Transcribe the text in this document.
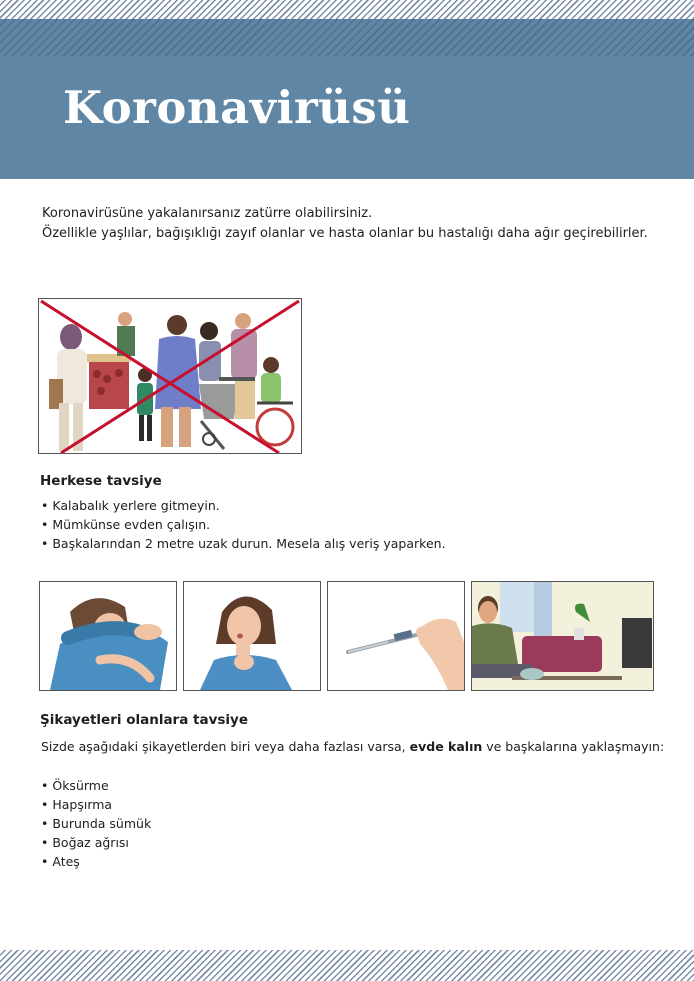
Koronavirüsü

Koronavirüsüne yakalanırsanız zatürre olabilirsiniz.

Özellikle yaşlılar, bağışıklığı zayıf olanlar ve hasta olanlar bu hastalığı daha ağır geçirebilirler.

Herkese tavsiye
• Kalabalık yerlere gitmeyin.
• Mümkünse evden çalışın.
• Başkalarından 2 metre uzak durun. Mesela alış veriş yaparken.
Şikayetleri olanlara tavsiye

Sizde aşağıdaki şikayetlerden biri veya daha fazlası varsa, evde kalın ve başkalarına yaklaşmayın:

• Öksürme
• Hapşırma
• Burunda sümük
• Boğaz ağrısı
• Ateş
